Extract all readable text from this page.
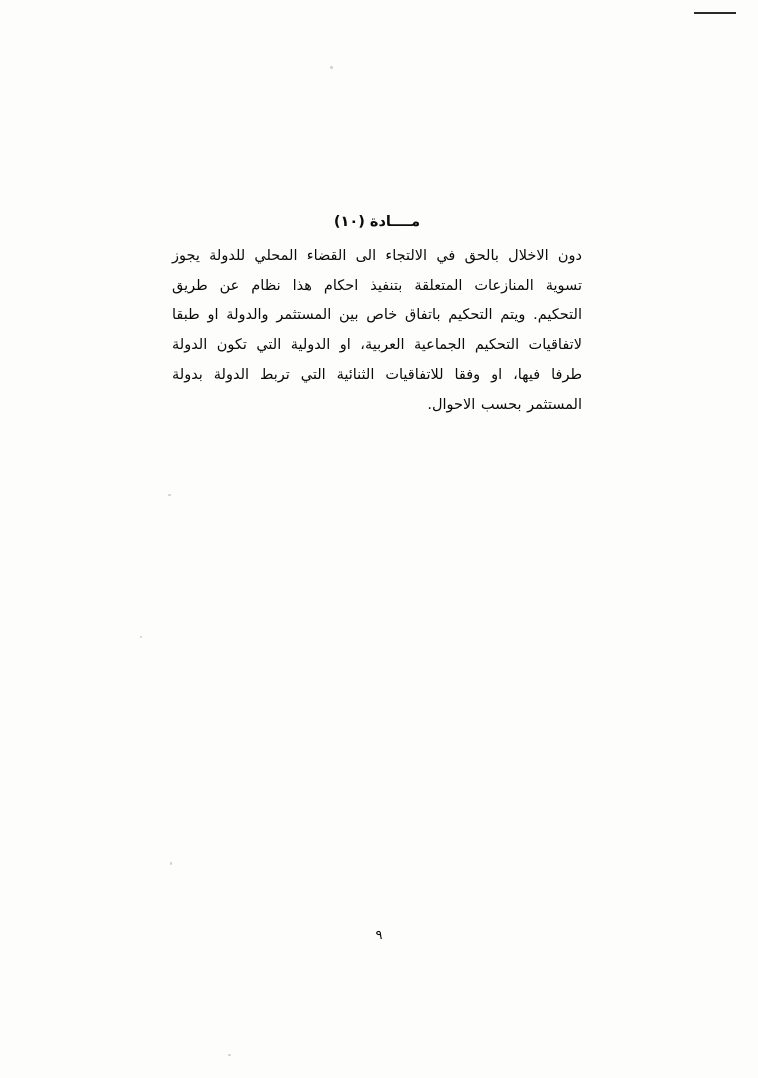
مــــادة (١٠)

دون الاخلال بالحق في الالتجاء الى القضاء المحلي للدولة يجوز تسوية المنازعات المتعلقة بتنفيذ احكام هذا نظام عن طريق التحكيم. ويتم التحكيم باتفاق خاص بين المستثمر والدولة او طبقا لاتفاقيات التحكيم الجماعية العربية، او الدولية التي تكون الدولة طرفا فيها، او وفقا للاتفاقيات الثنائية التي تربط الدولة بدولة المستثمر بحسب الاحوال.

٩
